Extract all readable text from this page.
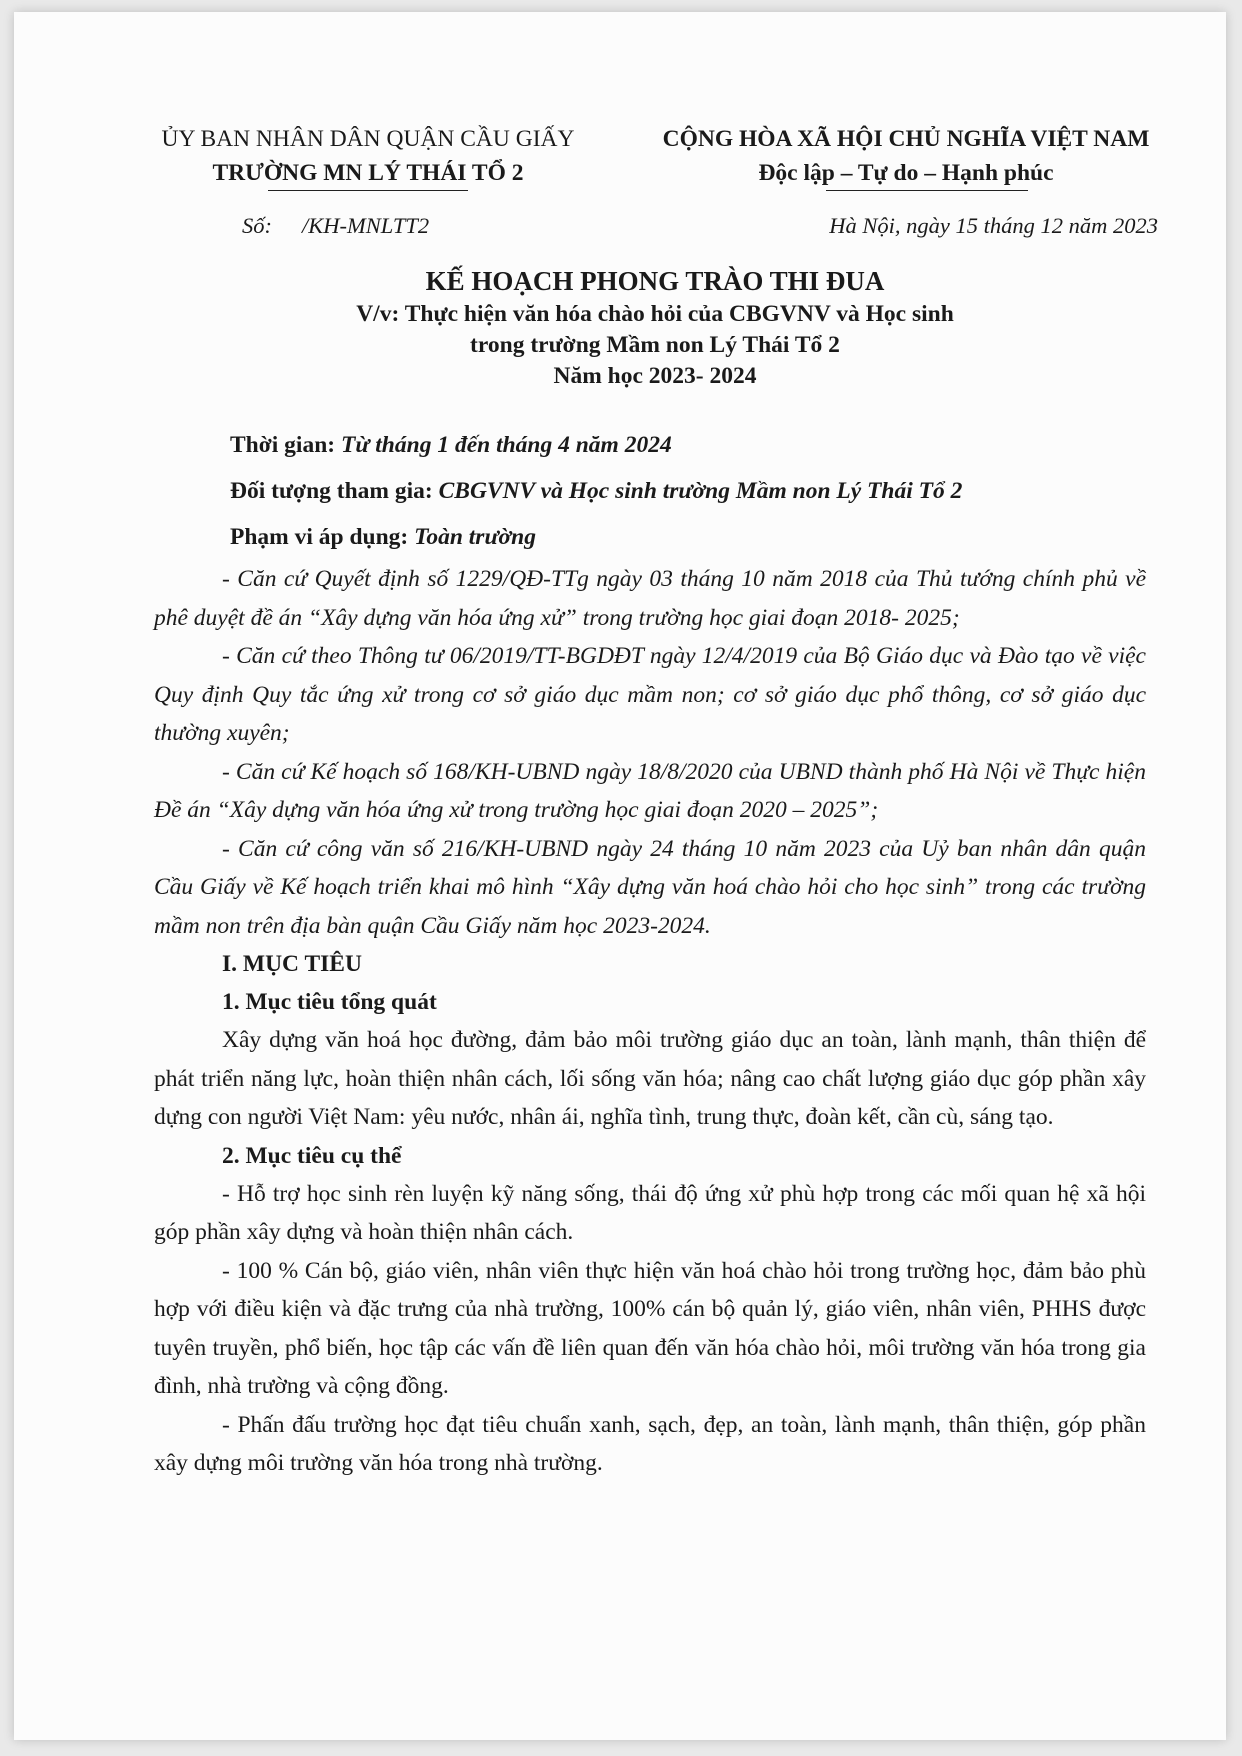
ỦY BAN NHÂN DÂN QUẬN CẦU GIẤY
TRƯỜNG MN LÝ THÁI TỔ 2
CỘNG HÒA XÃ HỘI CHỦ NGHĨA VIỆT NAM
Độc lập – Tự do – Hạnh phúc
Số: /KH-MNLTT2	Hà Nội, ngày 15 tháng 12 năm 2023
KẾ HOẠCH PHONG TRÀO THI ĐUA
V/v: Thực hiện văn hóa chào hỏi của CBGVNV và Học sinh
trong trường Mầm non Lý Thái Tổ 2
Năm học 2023- 2024
Thời gian: Từ tháng 1 đến tháng 4 năm 2024
Đối tượng tham gia: CBGVNV và Học sinh trường Mầm non Lý Thái Tổ 2
Phạm vi áp dụng: Toàn trường

- Căn cứ Quyết định số 1229/QĐ-TTg ngày 03 tháng 10 năm 2018 của Thủ tướng chính phủ về phê duyệt đề án “Xây dựng văn hóa ứng xử” trong trường học giai đoạn 2018- 2025;

- Căn cứ theo Thông tư 06/2019/TT-BGDĐT ngày 12/4/2019 của Bộ Giáo dục và Đào tạo về việc Quy định Quy tắc ứng xử trong cơ sở giáo dục mầm non; cơ sở giáo dục phổ thông, cơ sở giáo dục thường xuyên;

- Căn cứ Kế hoạch số 168/KH-UBND ngày 18/8/2020 của UBND thành phố Hà Nội về Thực hiện Đề án “Xây dựng văn hóa ứng xử trong trường học giai đoạn 2020 – 2025”;

- Căn cứ công văn số 216/KH-UBND ngày 24 tháng 10 năm 2023 của Uỷ ban nhân dân quận Cầu Giấy về Kế hoạch triển khai mô hình “Xây dựng văn hoá chào hỏi cho học sinh” trong các trường mầm non trên địa bàn quận Cầu Giấy năm học 2023-2024.

I. MỤC TIÊU
1. Mục tiêu tổng quát

Xây dựng văn hoá học đường, đảm bảo môi trường giáo dục an toàn, lành mạnh, thân thiện để phát triển năng lực, hoàn thiện nhân cách, lối sống văn hóa; nâng cao chất lượng giáo dục góp phần xây dựng con người Việt Nam: yêu nước, nhân ái, nghĩa tình, trung thực, đoàn kết, cần cù, sáng tạo.

2. Mục tiêu cụ thể

- Hỗ trợ học sinh rèn luyện kỹ năng sống, thái độ ứng xử phù hợp trong các mối quan hệ xã hội góp phần xây dựng và hoàn thiện nhân cách.

- 100 % Cán bộ, giáo viên, nhân viên thực hiện văn hoá chào hỏi trong trường học, đảm bảo phù hợp với điều kiện và đặc trưng của nhà trường, 100% cán bộ quản lý, giáo viên, nhân viên, PHHS được tuyên truyền, phổ biến, học tập các vấn đề liên quan đến văn hóa chào hỏi, môi trường văn hóa trong gia đình, nhà trường và cộng đồng.

- Phấn đấu trường học đạt tiêu chuẩn xanh, sạch, đẹp, an toàn, lành mạnh, thân thiện, góp phần xây dựng môi trường văn hóa trong nhà trường.
